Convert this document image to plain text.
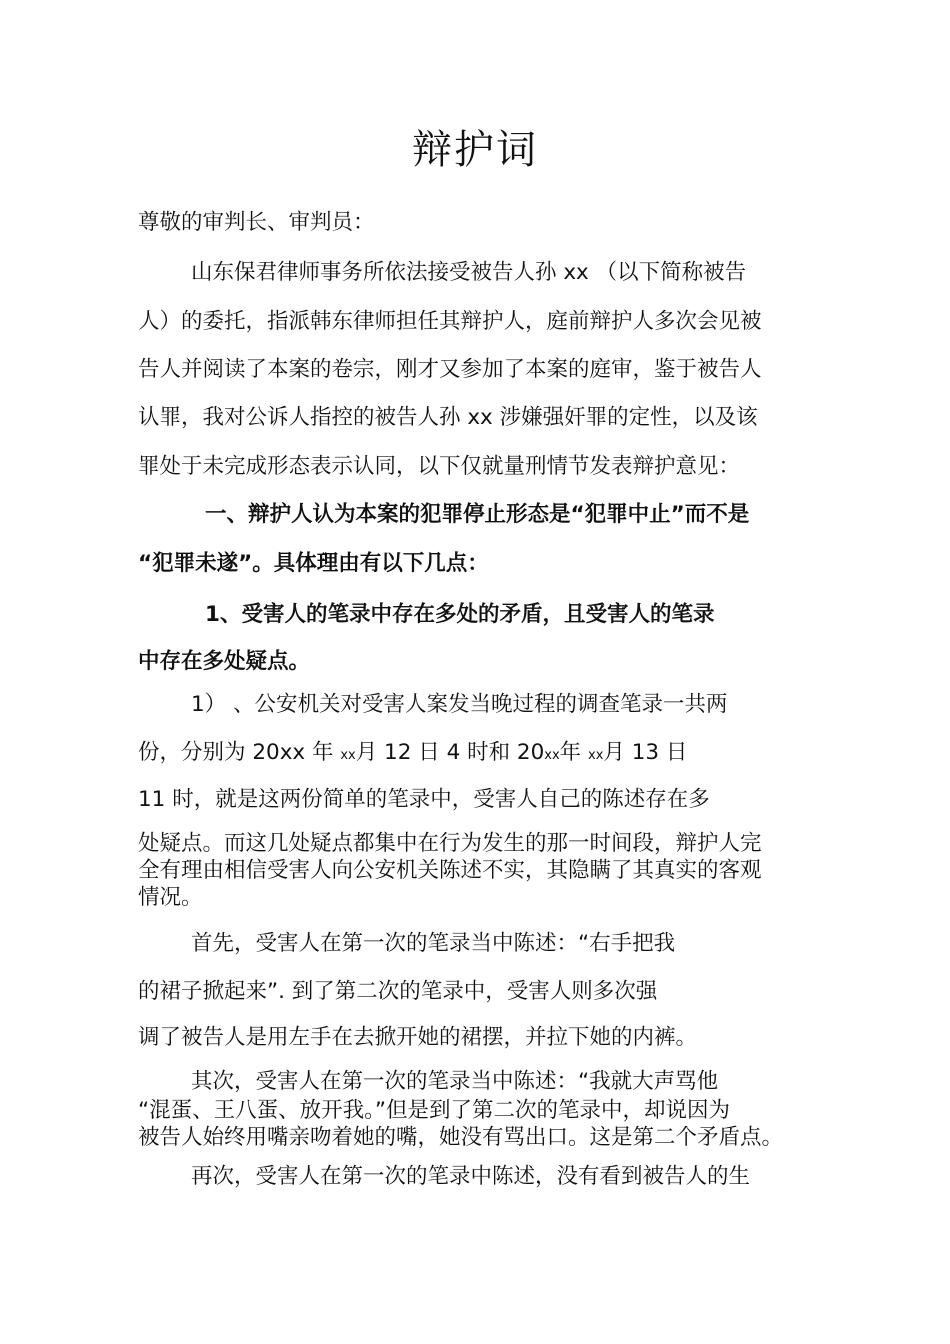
辩护词
尊敬的审判长、审判员：
山东保君律师事务所依法接受被告人孙 xx （以下简称被告
人）的委托，指派韩东律师担任其辩护人，庭前辩护人多次会见被
告人并阅读了本案的卷宗，刚才又参加了本案的庭审，鉴于被告人
认罪，我对公诉人指控的被告人孙 xx 涉嫌强奸罪的定性，以及该
罪处于未完成形态表示认同，以下仅就量刑情节发表辩护意见：
一、辩护人认为本案的犯罪停止形态是“犯罪中止”而不是
“犯罪未遂”。具体理由有以下几点：
1、受害人的笔录中存在多处的矛盾，且受害人的笔录
中存在多处疑点。
1） 、公安机关对受害人案发当晚过程的调查笔录一共两
份，分别为 20xx 年 xx月 12 日 4 时和 20xx年 xx月 13 日
11 时，就是这两份简单的笔录中，受害人自己的陈述存在多
处疑点。而这几处疑点都集中在行为发生的那一时间段，辩护人完
全有理由相信受害人向公安机关陈述不实，其隐瞒了其真实的客观
情况。
首先，受害人在第一次的笔录当中陈述：“右手把我
的裙子掀起来”. 到了第二次的笔录中，受害人则多次强
调了被告人是用左手在去掀开她的裙摆，并拉下她的内裤。
其次，受害人在第一次的笔录当中陈述：“我就大声骂他
“混蛋、王八蛋、放开我。”但是到了第二次的笔录中，却说因为
被告人始终用嘴亲吻着她的嘴，她没有骂出口。这是第二个矛盾点。
再次，受害人在第一次的笔录中陈述，没有看到被告人的生
